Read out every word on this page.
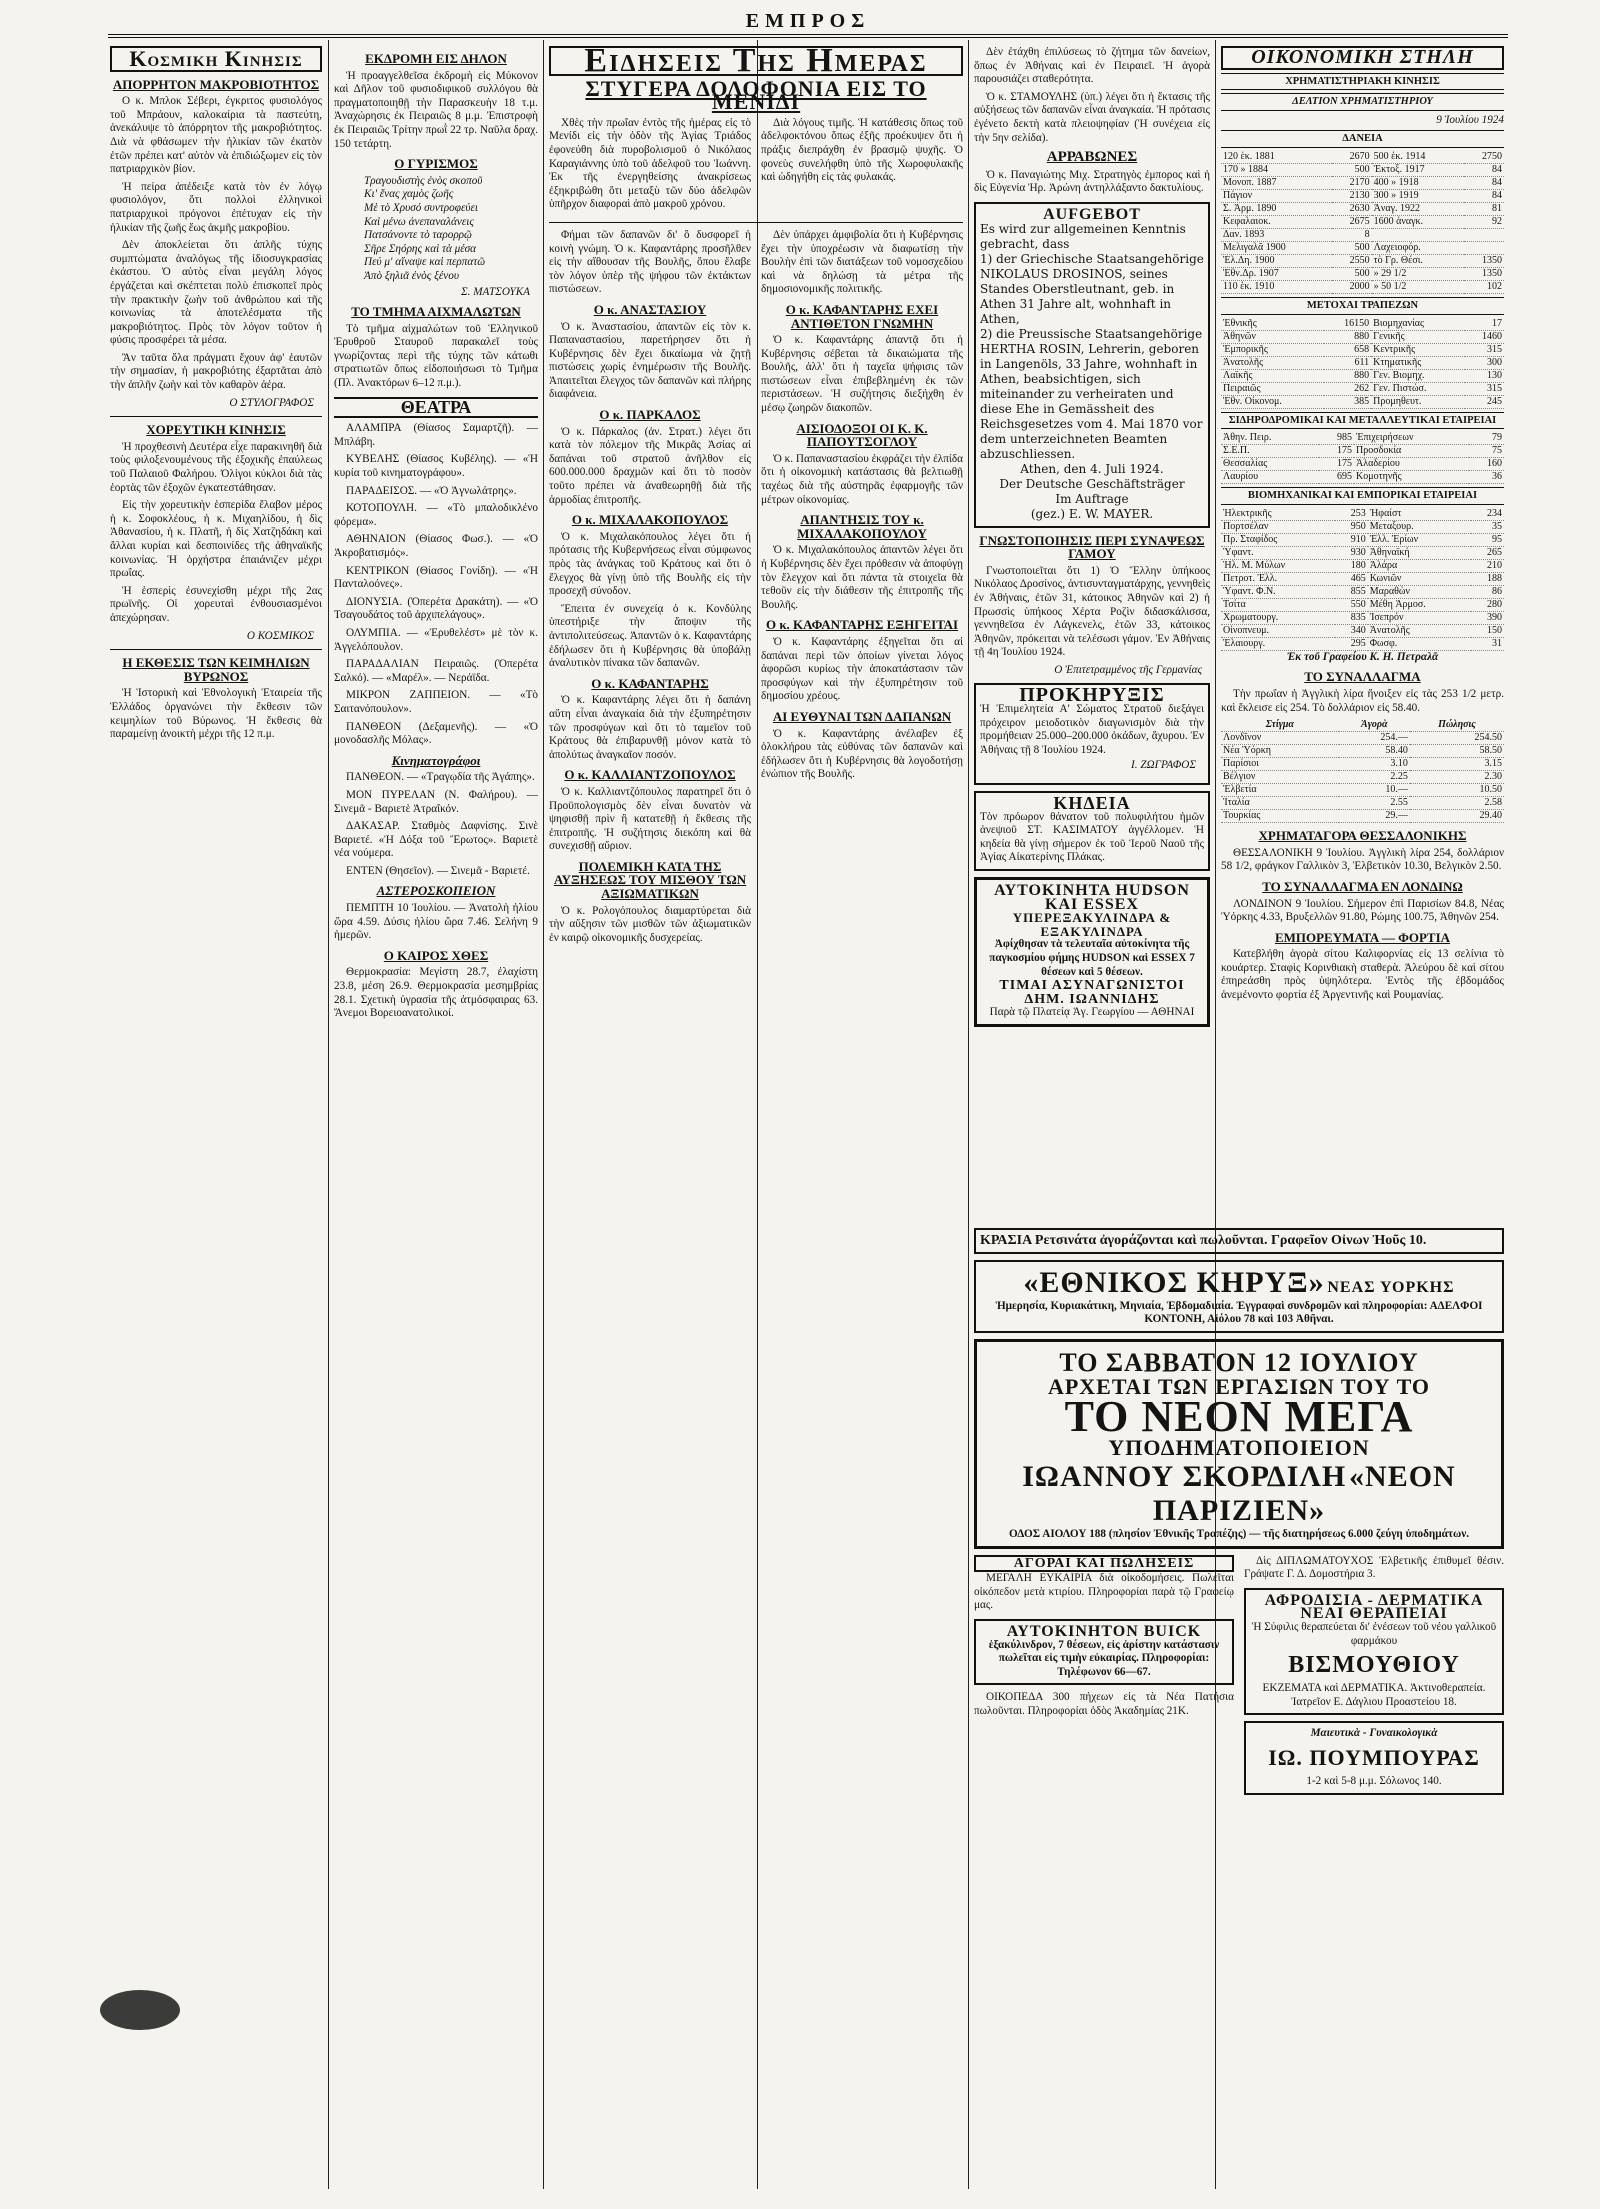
ΕΜΠΡΟΣ
Κοσμικη Κινησις
ΑΠΟΡΡΗΤΟΝ ΜΑΚΡΟΒΙΟΤΗΤΟΣ

Ο κ. Μπλοκ Σέβερι, έγκριτος φυσιολόγος τοῦ Μπράουν, καλοκαίρια τὰ παστεύτη, ἀνεκάλυψε τὸ ἀπόρρητον τῆς μακροβιότητος. Διὰ νὰ φθάσωμεν τὴν ἡλικίαν τῶν ἐκατὸν ἐτῶν πρέπει κατ' αὐτὸν νὰ ἐπιδιώξωμεν εἰς τὸν πατριαρχικὸν βίον.

Ἡ πείρα ἀπέδειξε κατὰ τὸν ἐν λόγῳ φυσιολόγον, ὅτι πολλοὶ ἐλληνικοὶ πατριαρχικοὶ πρόγονοι ἐπέτυχαν εἰς τὴν ἡλικίαν τῆς ζωῆς ἕως ἀκμῆς μακροβίου.

Δὲν ἀποκλείεται ὅτι ἁπλῆς τύχης συμπτώματα ἀναλόγως τῆς ἰδιοσυγκρασίας ἑκάστου. Ὁ αὐτὸς εἶναι μεγάλη λόγος ἐργάζεται καὶ σκέπτεται πολὺ ἐπισκοπεῖ πρὸς τὴν πρακτικὴν ζωὴν τοῦ ἀνθρώπου καὶ τῆς κοινωνίας τὰ ἀποτελέσματα τῆς μακροβιότητος. Πρὸς τὸν λόγον τοῦτον ἡ φύσις προσφέρει τὰ μέσα.

Ἂν ταῦτα ὅλα πράγματι ἔχουν ἀφ' ἑαυτῶν τὴν σημασίαν, ἡ μακροβιότης ἐξαρτᾶται ἀπὸ τὴν ἁπλῆν ζωὴν καὶ τὸν καθαρὸν ἀέρα.

Ο ΣΤΥΛΟΓΡΑΦΟΣ
ΧΟΡΕΥΤΙΚΗ ΚΙΝΗΣΙΣ

Ἡ προχθεσινὴ Δευτέρα εἶχε παρακινηθῆ διὰ τοὺς φιλοξενουμένους τῆς ἐξοχικῆς ἐπαύλεως τοῦ Παλαιοῦ Φαλήρου. Ὀλίγοι κύκλοι διὰ τὰς ἑορτὰς τῶν ἐξοχῶν ἐγκατεστάθησαν.

Εἰς τὴν χορευτικὴν ἑσπερίδα ἔλαβον μέρος ἡ κ. Σοφοκλέους, ἡ κ. Μιχαηλίδου, ἡ δὶς Ἀθανασίου, ἡ κ. Πλατῆ, ἡ δὶς Χατζηδάκη καὶ ἄλλαι κυρίαι καὶ δεσποινίδες τῆς ἀθηναϊκῆς κοινωνίας. Ἡ ὀρχήστρα ἐπαιάνιζεν μέχρι πρωΐας.

Ἡ ἑσπερὶς ἐσυνεχίσθη μέχρι τῆς 2ας πρωϊνῆς. Οἱ χορευταὶ ἐνθουσιασμένοι ἀπεχώρησαν.

Ο ΚΟΣΜΙΚΟΣ
Η ΕΚΘΕΣΙΣ ΤΩΝ ΚΕΙΜΗΛΙΩΝ ΒΥΡΩΝΟΣ

Ἡ Ἱστορικὴ καὶ Ἐθνολογικὴ Ἑταιρεία τῆς Ἑλλάδος ὀργανώνει τὴν ἔκθεσιν τῶν κειμηλίων τοῦ Βύρωνος. Ἡ ἔκθεσις θὰ παραμείνῃ ἀνοικτὴ μέχρι τῆς 12 π.μ.

ΕΚΔΡΟΜΗ ΕΙΣ ΔΗΛΟΝ

Ἡ προαγγελθεῖσα ἐκδρομὴ εἰς Μύκονον καὶ Δῆλον τοῦ φυσιοδιφικοῦ συλλόγου θὰ πραγματοποιηθῇ τὴν Παρασκευὴν 18 τ.μ. Ἀναχώρησις ἐκ Πειραιῶς 8 μ.μ. Ἐπιστροφὴ ἐκ Πειραιῶς Τρίτην πρωῒ 22 τρ. Ναῦλα δραχ. 150 τετάρτη.

Ο ΓΥΡΙΣΜΟΣ
Τραγουδιστὴς ἐνὸς σκοποῦ
Κι' ἕνας χαμὸς ζωῆς
Μὲ τὸ Χρυσό συντροφεύει
Καὶ μένω ἀνεπαναλάνεις
Πατσάνοντε τὸ ταρορρῷ
Σῆρε Σηόρης καὶ τὰ μέσα
Πεύ μ' αἴναψε καὶ περπατῶ
Ἀπὸ ξηλιᾶ ἐνὸς ξένου
Σ. ΜΑΤΣΟΥΚΑ
ΤΟ ΤΜΗΜΑ ΑΙΧΜΑΛΩΤΩΝ

Τὸ τμῆμα αἰχμαλώτων τοῦ Ἑλληνικοῦ Ἐρυθροῦ Σταυροῦ παρακαλεῖ τοὺς γνωρίζοντας περὶ τῆς τύχης τῶν κάτωθι στρατιωτῶν ὅπως εἰδοποιήσωσι τὸ Τμῆμα (Πλ. Ἀνακτόρων 6–12 π.μ.).

ΘΕΑΤΡΑ

ΑΛΑΜΠΡΑ (Θίασος Σαμαρτζῆ). — Μπλάβη.

ΚΥΒΕΛΗΣ (Θίασος Κυβέλης). — «Ἡ κυρία τοῦ κινηματογράφου».

ΠΑΡΑΔΕΙΣΟΣ. — «Ὁ Ἀγνωλάτρης».

ΚΟΤΟΠΟΥΛΗ. — «Τὸ μπαλοδικλένο φόρεμα».

ΑΘΗΝΑΙΟΝ (Θίασος Φωσ.). — «Ὁ Ἀκροβατισμός».

ΚΕΝΤΡΙΚΟΝ (Θίασος Γονίδη). — «Ἡ Πανταλοόνες».

ΔΙΟΝΥΣΙΑ. (Ὀπερέτα Δρακάτη). — «Ὁ Τσαγουδάτος τοῦ ἀρχιπελάγους».

ΟΛΥΜΠΙΑ. — «Ἐρυθελέστ» μὲ τὸν κ. Ἀγγελόπουλον.

ΠΑΡΑΔΑΛΙΑΝ Πειραιῶς. (Ὀπερέτα Σαλκό). — «Μαρέλ». — Νεράϊδα.

ΜΙΚΡΟΝ ΖΑΠΠΕΙΟΝ. — «Τὸ Σαιτανόπουλον».

ΠΑΝΘΕΟΝ (Δεξαμενῆς). — «Ὁ μονοδασλῆς Μόλας».

Κινηματογράφοι

ΠΑΝΘΕΟΝ. — «Τραγῳδία τῆς Ἀγάπης».

ΜΟΝ ΠΥΡΕΛΑΝ (Ν. Φαλήρου). — Σινεμᾶ - Βαριετὲ Ἀτραΐκόν.

ΔΑΚΑΣΑΡ. Σταθμὸς Δαφνίσης. Σινὲ Βαριετέ. «Ἡ Δόξα τοῦ Ἔρωτος». Βαριετὲ νέα νούμερα.

ΕΝΤΕΝ (Θησεῖον). — Σινεμᾶ - Βαριετέ.

ΑΣΤΕΡΟΣΚΟΠΕΙΟΝ

ΠΕΜΠΤΗ 10 Ἰουλίου. — Ἀνατολὴ ἡλίου ὥρα 4.59. Δύσις ἡλίου ὥρα 7.46. Σελήνη 9 ἡμερῶν.

Ο ΚΑΙΡΟΣ ΧΘΕΣ

Θερμοκρασία: Μεγίστη 28.7, ἐλαχίστη 23.8, μέση 26.9. Θερμοκρασία μεσημβρίας 28.1. Σχετικὴ ὑγρασία τῆς ἀτμόσφαιρας 63. Ἄνεμοι Βορειοανατολικοί.

Ειδησεις Της Ημερας
ΣΤΥΓΕΡΑ ΔΟΛΟΦΟΝΙΑ ΕΙΣ ΤΟ ΜΕΝΙΔΙ

Χθὲς τὴν πρωΐαν ἐντὸς τῆς ἡμέρας εἰς τὸ Μενίδι εἰς τὴν ὁδὸν τῆς Ἀγίας Τριάδος ἐφονεύθη διὰ πυροβολισμοῦ ὁ Νικόλαος Καραγιάννης ὑπὸ τοῦ ἀδελφοῦ του Ἰωάννη. Ἐκ τῆς ἐνεργηθείσης ἀνακρίσεως ἐξηκριβώθη ὅτι μεταξὺ τῶν δύο ἀδελφῶν ὑπῆρχον διαφοραὶ ἀπὸ μακροῦ χρόνου.

Διὰ λόγους τιμῆς. Ἡ κατάθεσις ὅπως τοῦ ἀδελφοκτόνου ὅπως ἐξῆς προέκυψεν ὅτι ἡ πράξις διεπράχθη ἐν βρασμῷ ψυχῆς. Ὁ φονεὺς συνελήφθη ὑπὸ τῆς Χωροφυλακῆς καὶ ὡδηγήθη εἰς τὰς φυλακάς.

Φήμαι τῶν δαπανῶν δι' ὃ δυσφορεῖ ἡ κοινὴ γνώμη. Ὁ κ. Καφαντάρης προσῆλθεν εἰς τὴν αἴθουσαν τῆς Βουλῆς, ὅπου ἔλαβε τὸν λόγον ὑπὲρ τῆς ψήφου τῶν ἐκτάκτων πιστώσεων.

Ο κ. ΑΝΑΣΤΑΣΙΟΥ

Ὁ κ. Ἀναστασίου, ἀπαντῶν εἰς τὸν κ. Παπαναστασίου, παρετήρησεν ὅτι ἡ Κυβέρνησις δὲν ἔχει δικαίωμα νὰ ζητῇ πιστώσεις χωρὶς ἐνημέρωσιν τῆς Βουλῆς. Ἀπαιτεῖται ἔλεγχος τῶν δαπανῶν καὶ πλήρης διαφάνεια.

Ο κ. ΠΑΡΚΑΛΟΣ

Ὁ κ. Πάρκαλος (ἀν. Στρατ.) λέγει ὅτι κατὰ τὸν πόλεμον τῆς Μικρᾶς Ἀσίας αἱ δαπάναι τοῦ στρατοῦ ἀνῆλθον εἰς 600.000.000 δραχμῶν καὶ ὅτι τὸ ποσὸν τοῦτο πρέπει νὰ ἀναθεωρηθῇ διὰ τῆς ἀρμοδίας ἐπιτροπῆς.

Ο κ. ΜΙΧΑΛΑΚΟΠΟΥΛΟΣ

Ὁ κ. Μιχαλακόπουλος λέγει ὅτι ἡ πρότασις τῆς Κυβερνήσεως εἶναι σύμφωνος πρὸς τὰς ἀνάγκας τοῦ Κράτους καὶ ὅτι ὁ ἔλεγχος θὰ γίνῃ ὑπὸ τῆς Βουλῆς εἰς τὴν προσεχῆ σύνοδον.

Ἔπειτα ἐν συνεχείᾳ ὁ κ. Κονδύλης ὑπεστήριξε τὴν ἄποψιν τῆς ἀντιπολιτεύσεως. Ἀπαντῶν ὁ κ. Καφαντάρης ἐδήλωσεν ὅτι ἡ Κυβέρνησις θὰ ὑποβάλῃ ἀναλυτικὸν πίνακα τῶν δαπανῶν.

Ο κ. ΚΑΦΑΝΤΑΡΗΣ

Ὁ κ. Καφαντάρης λέγει ὅτι ἡ δαπάνη αὕτη εἶναι ἀναγκαία διὰ τὴν ἐξυπηρέτησιν τῶν προσφύγων καὶ ὅτι τὸ ταμεῖον τοῦ Κράτους θὰ ἐπιβαρυνθῇ μόνον κατὰ τὸ ἀπολύτως ἀναγκαῖον ποσόν.

Ο κ. ΚΑΛΛΙΑΝΤΖΟΠΟΥΛΟΣ

Ὁ κ. Καλλιαντζόπουλος παρατηρεῖ ὅτι ὁ Προϋπολογισμὸς δὲν εἶναι δυνατὸν νὰ ψηφισθῇ πρὶν ἢ κατατεθῇ ἡ ἔκθεσις τῆς ἐπιτροπῆς. Ἡ συζήτησις διεκόπη καὶ θὰ συνεχισθῇ αὔριον.

ΠΟΛΕΜΙΚΗ ΚΑΤΑ ΤΗΣ ΑΥΞΗΣΕΩΣ ΤΟΥ ΜΙΣΘΟΥ ΤΩΝ ΑΞΙΩΜΑΤΙΚΩΝ

Ὁ κ. Ρολογόπουλος διαμαρτύρεται διὰ τὴν αὔξησιν τῶν μισθῶν τῶν ἀξιωματικῶν ἐν καιρῷ οἰκονομικῆς δυσχερείας.

Δὲν ὑπάρχει ἀμφιβολία ὅτι ἡ Κυβέρνησις ἔχει τὴν ὑποχρέωσιν νὰ διαφωτίσῃ τὴν Βουλὴν ἐπὶ τῶν διατάξεων τοῦ νομοσχεδίου καὶ νὰ δηλώσῃ τὰ μέτρα τῆς δημοσιονομικῆς πολιτικῆς.

Ο κ. ΚΑΦΑΝΤΑΡΗΣ ΕΧΕΙ ΑΝΤΙΘΕΤΟΝ ΓΝΩΜΗΝ

Ὁ κ. Καφαντάρης ἀπαντᾷ ὅτι ἡ Κυβέρνησις σέβεται τὰ δικαιώματα τῆς Βουλῆς, ἀλλ' ὅτι ἡ ταχεῖα ψήφισις τῶν πιστώσεων εἶναι ἐπιβεβλημένη ἐκ τῶν περιστάσεων. Ἡ συζήτησις διεξήχθη ἐν μέσῳ ζωηρῶν διακοπῶν.

ΑΙΣΙΟΔΟΞΟΙ ΟΙ Κ. Κ. ΠΑΠΟΥΤΣΟΓΛΟΥ

Ὁ κ. Παπαναστασίου ἐκφράζει τὴν ἐλπίδα ὅτι ἡ οἰκονομικὴ κατάστασις θὰ βελτιωθῇ ταχέως διὰ τῆς αὐστηρᾶς ἐφαρμογῆς τῶν μέτρων οἰκονομίας.

ΑΠΑΝΤΗΣΙΣ ΤΟΥ κ. ΜΙΧΑΛΑΚΟΠΟΥΛΟΥ

Ὁ κ. Μιχαλακόπουλος ἀπαντῶν λέγει ὅτι ἡ Κυβέρνησις δὲν ἔχει πρόθεσιν νὰ ἀποφύγῃ τὸν ἔλεγχον καὶ ὅτι πάντα τὰ στοιχεῖα θὰ τεθοῦν εἰς τὴν διάθεσιν τῆς ἐπιτροπῆς τῆς Βουλῆς.

Ο κ. ΚΑΦΑΝΤΑΡΗΣ ΕΞΗΓΕΙΤΑΙ

Ὁ κ. Καφαντάρης ἐξηγεῖται ὅτι αἱ δαπάναι περὶ τῶν ὁποίων γίνεται λόγος ἀφορῶσι κυρίως τὴν ἀποκατάστασιν τῶν προσφύγων καὶ τὴν ἐξυπηρέτησιν τοῦ δημοσίου χρέους.

ΑΙ ΕΥΘΥΝΑΙ ΤΩΝ ΔΑΠΑΝΩΝ

Ὁ κ. Καφαντάρης ἀνέλαβεν ἐξ ὁλοκλήρου τὰς εὐθύνας τῶν δαπανῶν καὶ ἐδήλωσεν ὅτι ἡ Κυβέρνησις θὰ λογοδοτήσῃ ἐνώπιον τῆς Βουλῆς.

Δὲν ἐτάχθη ἐπιλύσεως τὸ ζήτημα τῶν δανείων, ὅπως ἐν Ἀθήναις καὶ ἐν Πειραιεῖ. Ἡ ἀγορὰ παρουσιάζει σταθερότητα.

Ὁ κ. ΣΤΑΜΟΥΛΗΣ (ὑπ.) λέγει ὅτι ἡ ἔκτασις τῆς αὐξήσεως τῶν δαπανῶν εἶναι ἀναγκαία. Ἡ πρότασις ἐγένετο δεκτὴ κατὰ πλειοψηφίαν (Ἡ συνέχεια εἰς τὴν 5ην σελίδα).

ΑΡΡΑΒΩΝΕΣ

Ὁ κ. Παναγιώτης Μιχ. Στρατηγὸς ἐμπορος καὶ ἡ δὶς Εὐγενία Ἠρ. Ἀρώνη ἀντηλλάξαντο δακτυλίους.

AUFGEBOT
Es wird zur allgemeinen Kenntnis gebracht, dass
1) der Griechische Staatsangehörige NIKOLAUS DROSINOS, seines Standes Oberstleutnant, geb. in Athen 31 Jahre alt, wohnhaft in Athen,
2) die Preussische Staatsangehörige HERTHA ROSIN, Lehrerin, geboren in Langenöls, 33 Jahre, wohnhaft in Athen, beabsichtigen, sich miteinander zu verheiraten und diese Ehe in Gemässheit des Reichsgesetzes vom 4. Mai 1870 vor dem unterzeichneten Beamten abzuschliessen.
Athen, den 4. Juli 1924.
Der Deutsche Geschäftsträger
Im Auftrage
(gez.) E. W. MAYER.
ΓΝΩΣΤΟΠΟΙΗΣΙΣ ΠΕΡΙ ΣΥΝΑΨΕΩΣ ΓΑΜΟΥ

Γνωστοποιεῖται ὅτι 1) Ὁ Ἕλλην ὑπήκοος Νικόλαος Δροσίνος, ἀντισυνταγματάρχης, γεννηθεὶς ἐν Ἀθήναις, ἐτῶν 31, κάτοικος Ἀθηνῶν καὶ 2) ἡ Πρωσσὶς ὑπήκοος Χέρτα Ροζὶν διδασκάλισσα, γεννηθεῖσα ἐν Λάγκενελς, ἐτῶν 33, κάτοικος Ἀθηνῶν, πρόκειται νὰ τελέσωσι γάμον. Ἐν Ἀθήναις τῇ 4η Ἰουλίου 1924.

Ο Ἐπιτετραμμένος τῆς Γερμανίας
ΠΡΟΚΗΡΥΞΙΣ
Ἡ Ἐπιμελητεία Α' Σώματος Στρατοῦ διεξάγει πρόχειρον μειοδοτικὸν διαγωνισμὸν διὰ τὴν προμήθειαν 25.000–200.000 ὀκάδων, ἄχυρου. Ἐν Ἀθήναις τῇ 8 Ἰουλίου 1924.
Ι. ΖΩΓΡΑΦΟΣ
ΚΗΔΕΙΑ
Τὸν πρόωρον θάνατον τοῦ πολυφιλήτου ἡμῶν ἀνεψιοῦ ΣΤ. ΚΑΣΙΜΑΤΟΥ ἀγγέλλομεν. Ἡ κηδεία θὰ γίνῃ σήμερον ἐκ τοῦ Ἱεροῦ Ναοῦ τῆς Ἁγίας Αἰκατερίνης Πλάκας.
ΑΥΤΟΚΙΝΗΤΑ HUDSON ΚΑΙ ESSEX
ΥΠΕΡΕΞΑΚΥΛΙΝΔΡΑ & ΕΞΑΚΥΛΙΝΔΡΑ
Ἀφίχθησαν τὰ τελευταῖα αὐτοκίνητα τῆς παγκοσμίου φήμης HUDSON καὶ ESSEX 7 θέσεων καὶ 5 θέσεων.
ΤΙΜΑΙ ΑΣΥΝΑΓΩΝΙΣΤΟΙ
ΔΗΜ. ΙΩΑΝΝΙΔΗΣ
Παρὰ τῷ Πλατείᾳ Ἁγ. Γεωργίου — ΑΘΗΝΑΙ
ΟΙΚΟΝΟΜΙΚΗ ΣΤΗΛΗ
ΧΡΗΜΑΤΙΣΤΗΡΙΑΚΗ ΚΙΝΗΣΙΣ
ΔΕΛΤΙΟΝ ΧΡΗΜΑΤΙΣΤΗΡΙΟΥ
9 Ἰουλίου 1924
ΔΑΝΕΙΑ
120 ἑκ. 1881	2670	500 ἑκ. 1914	2750
170 » 1884	500	Ἐκτοξ. 1917	84
Μονοπ. 1887	2170	400 » 1918	84
Πάγιον	2130	300 » 1919	84
Σ. Ἀρμ. 1890	2630	Ἀναγ. 1922	81
Κεφαλαιοκ.	2675	1600 ἀναγκ.	92
Δαν. 1893	8		
Μελιγαλᾶ 1900	500	Λαχειοφόρ.	
Ἐλ.Δη. 1900	2550	τὸ Γρ. Θέσι.	1350
Ἐθν.Δρ. 1907	500	» 29 1/2	1350
110 ἑκ. 1910	2000	» 50 1/2	102
ΜΕΤΟΧΑΙ ΤΡΑΠΕΖΩΝ
Ἐθνικῆς	16150	Βιομηχανίας	17
Ἀθηνῶν	880	Γενικῆς	1460
Ἐμπορικῆς	658	Κεντρικῆς	315
Ἀνατολῆς	611	Κτηματικῆς	300
Λαϊκῆς	880	Γεν. Βιομηχ.	130
Πειραιῶς	262	Γεν. Πιστώσ.	315
Ἐθν. Οἰκονομ.	385	Προμηθευτ.	245
ΣΙΔΗΡΟΔΡΟΜΙΚΑΙ ΚΑΙ ΜΕΤΑΛΛΕΥΤΙΚΑΙ ΕΤΑΙΡΕΙΑΙ
Ἀθην. Πειρ.	985	Ἐπιχειρήσεων	79
Σ.Ε.Π.	175	Προσδοκία	75
Θεσσαλίας	175	Ἀλαδερίου	160
Λαυρίου	695	Κομοτηνῆς	36
ΒΙΟΜΗΧΑΝΙΚΑΙ ΚΑΙ ΕΜΠΟΡΙΚΑΙ ΕΤΑΙΡΕΙΑΙ
Ἠλεκτρικῆς	253	Ἡφαίστ	234
Πορτσέλαν	950	Μεταξουρ.	35
Πρ. Σταφίδος	910	Ἑλλ. Ἐρίων	95
Ὑφαντ.	930	Ἀθηναϊκή	265
Ἡλ. Μ. Μύλων	180	Ἀλάρα	210
Πετροτ. Ἑλλ.	465	Κωνιῶν	188
Ὑφαντ. Φ.Ν.	855	Μαραθὼν	86
Τσίτα	550	Μέθη Ἀρμοσ.	280
Χρωματουργ.	835	Ἰσεπρόν	390
Οἰνοπνευμ.	340	Ἀνατολῆς	150
Ἐλαιουργ.	295	Φωσφ.	31
Ἐκ τοῦ Γραφείου Κ. Η. Πετραλᾶ
ΤΟ ΣΥΝΑΛΛΑΓΜΑ

Τὴν πρωΐαν ἡ Ἀγγλικὴ λίρα ἤνοιξεν εἰς τὰς 253 1/2 μετρ. καὶ ἔκλεισε εἰς 254. Τὸ δολλάριον εἰς 58.40.

Στίγμα	Ἀγορὰ	Πώλησις
Λονδῖνον	254.—	254.50
Νέα Ὑόρκη	58.40	58.50
Παρίσιοι	3.10	3.15
Βέλγιον	2.25	2.30
Ἑλβετία	10.—	10.50
Ἰταλία	2.55	2.58
Τουρκίας	29.—	29.40
ΧΡΗΜΑΤΑΓΟΡΑ ΘΕΣΣΑΛΟΝΙΚΗΣ

ΘΕΣΣΑΛΟΝΙΚΗ 9 Ἰουλίου. Ἀγγλικὴ λίρα 254, δολλάριον 58 1/2, φράγκον Γαλλικὸν 3, Ἑλβετικὸν 10.30, Βελγικὸν 2.50.

ΤΟ ΣΥΝΑΛΛΑΓΜΑ ΕΝ ΛΟΝΔΙΝΩ

ΛΟΝΔΙΝΟΝ 9 Ἰουλίου. Σήμερον ἐπὶ Παρισίων 84.8, Νέας Ὑόρκης 4.33, Βρυξελλῶν 91.80, Ρώμης 100.75, Ἀθηνῶν 254.

ΕΜΠΟΡΕΥΜΑΤΑ — ΦΟΡΤΙΑ

Κατεβλήθη ἀγορὰ σίτου Καλιφορνίας εἰς 13 σελίνια τὸ κουάρτερ. Σταφὶς Κορινθιακὴ σταθερὰ. Ἀλεύρου δὲ καὶ σίτου ἐπηρεάσθη πρὸς ὑψηλότερα. Ἐντὸς τῆς ἑβδομάδος ἀνεμένοντο φορτία ἐξ Ἀργεντινῆς καὶ Ρουμανίας.

ΚΡΑΣΙΑ Ρετσινάτα ἀγοράζονται καὶ πωλοῦνται. Γραφεῖον Οἰνων Ἠοῦς 10.
«ΕΘΝΙΚΟΣ ΚΗΡΥΞ» ΝΕΑΣ ΥΟΡΚΗΣ
Ἡμερησία, Κυριακάτικη, Μηνιαία, Ἑβδομαδιαία. Ἐγγραφαὶ συνδρομῶν καὶ πληροφορίαι: ΑΔΕΛΦΟΙ ΚΟΝΤΟΝΗ, Αἰόλου 78 καὶ 103 Ἀθῆναι.
ΤΟ ΣΑΒΒΑΤΟΝ 12 ΙΟΥΛΙΟΥ
ΑΡΧΕΤΑΙ ΤΩΝ ΕΡΓΑΣΙΩΝ ΤΟΥ ΤΟ
ΤΟ ΝΕΟΝ ΜΕΓΑ ΥΠΟΔΗΜΑΤΟΠΟΙΕΙΟΝ
ΙΩΑΝΝΟΥ ΣΚΟΡΔΙΛΗ «ΝΕΟΝ ΠΑΡΙΖΙΕΝ»
ΟΔΟΣ ΑΙΟΛΟΥ 188 (πλησίον Ἐθνικῆς Τραπέζης) — τῆς διατηρήσεως 6.000 ζεύγη ὑποδημάτων.
ΑΓΟΡΑΙ ΚΑΙ ΠΩΛΗΣΕΙΣ

ΜΕΓΑΛΗ ΕΥΚΑΙΡΙΑ διὰ οἰκοδομήσεις. Πωλεῖται οἰκόπεδον μετὰ κτιρίου. Πληροφορίαι παρὰ τῷ Γραφείῳ μας.

ΑΥΤΟΚΙΝΗΤΟΝ BUICK
ἑξακύλινδρον, 7 θέσεων, εἰς ἀρίστην κατάστασιν πωλεῖται εἰς τιμὴν εὐκαιρίας. Πληροφορίαι: Τηλέφωνον 66—67.

ΟΙΚΟΠΕΔΑ 300 πήχεων εἰς τὰ Νέα Πατήσια πωλοῦνται. Πληροφορίαι ὁδὸς Ἀκαδημίας 21Κ.

Δὶς ΔΙΠΛΩΜΑΤΟΥΧΟΣ Ἑλβετικῆς ἐπιθυμεῖ θέσιν. Γράψατε Γ. Δ. Δομοστήρια 3.

ΑΦΡΟΔΙΣΙΑ - ΔΕΡΜΑΤΙΚΑ ΝΕΑΙ ΘΕΡΑΠΕΙΑΙ
Ἡ Σύφιλις θεραπεύεται δι' ἐνέσεων τοῦ νέου γαλλικοῦ φαρμάκου
ΒΙΣΜΟΥΘΙΟΥ
ΕΚΖΕΜΑΤΑ καὶ ΔΕΡΜΑΤΙΚΑ. Ἀκτινοθεραπεία. Ἰατρεῖον Ε. Δάγλιου Προαστείου 18.
Μαιευτικὰ - Γυναικολογικὰ
ΙΩ. ΠΟΥΜΠΟΥΡΑΣ
1-2 καὶ 5-8 μ.μ. Σόλωνος 140.
